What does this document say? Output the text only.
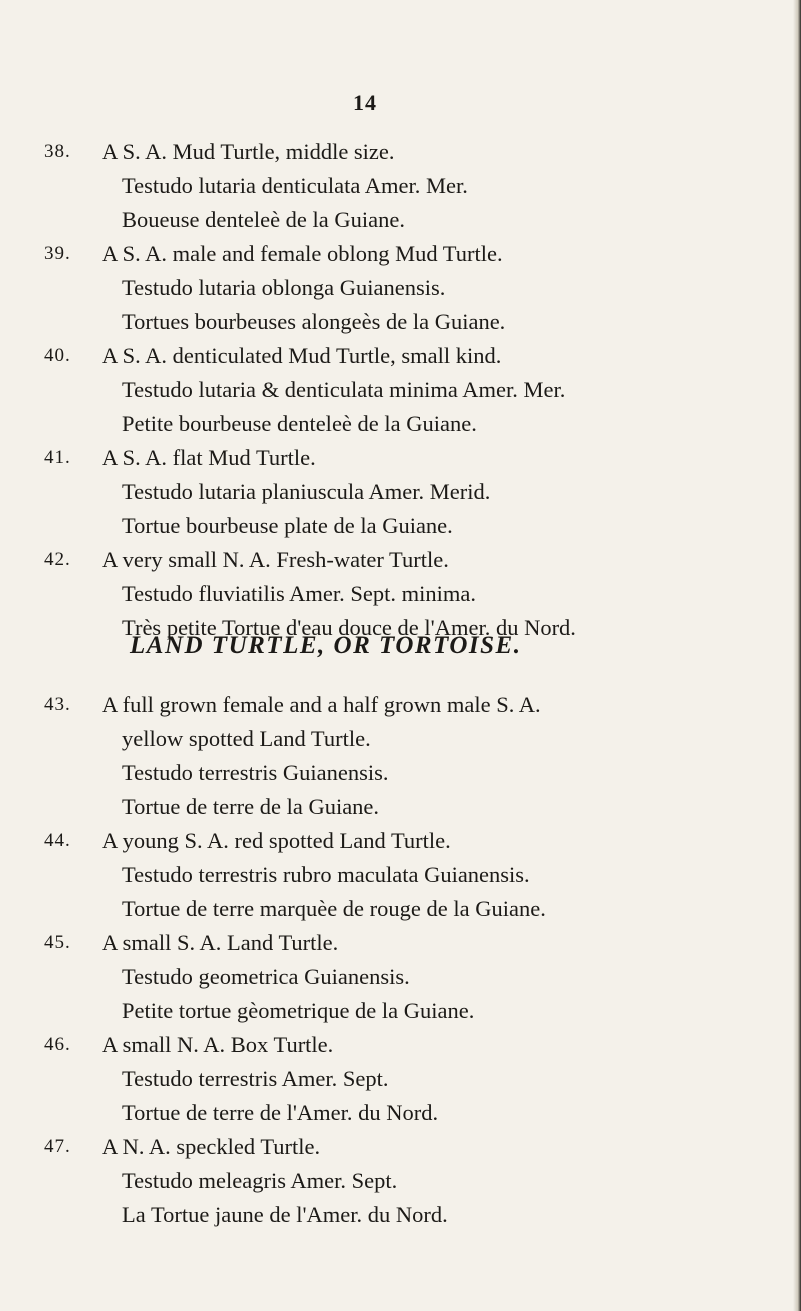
14
38.	A S. A. Mud Turtle, middle size.
Testudo lutaria denticulata Amer. Mer.
Boueuse denteleè de la Guiane.
39.	A S. A. male and female oblong Mud Turtle.
Testudo lutaria oblonga Guianensis.
Tortues bourbeuses alongeès de la Guiane.
40.	A S. A. denticulated Mud Turtle, small kind.
Testudo lutaria & denticulata minima Amer. Mer.
Petite bourbeuse denteleè de la Guiane.
41.	A S. A. flat Mud Turtle.
Testudo lutaria planiuscula Amer. Merid.
Tortue bourbeuse plate de la Guiane.
42.	A very small N. A. Fresh-water Turtle.
Testudo fluviatilis Amer. Sept. minima.
Très petite Tortue d'eau douce de l'Amer. du Nord.
LAND TURTLE, OR TORTOISE.
43.	A full grown female and a half grown male S. A.
yellow spotted Land Turtle.
Testudo terrestris Guianensis.
Tortue de terre de la Guiane.
44.	A young S. A. red spotted Land Turtle.
Testudo terrestris rubro maculata Guianensis.
Tortue de terre marquèe de rouge de la Guiane.
45.	A small S. A. Land Turtle.
Testudo geometrica Guianensis.
Petite tortue gèometrique de la Guiane.
46.	A small N. A. Box Turtle.
Testudo terrestris Amer. Sept.
Tortue de terre de l'Amer. du Nord.
47.	A N. A. speckled Turtle.
Testudo meleagris Amer. Sept.
La Tortue jaune de l'Amer. du Nord.
